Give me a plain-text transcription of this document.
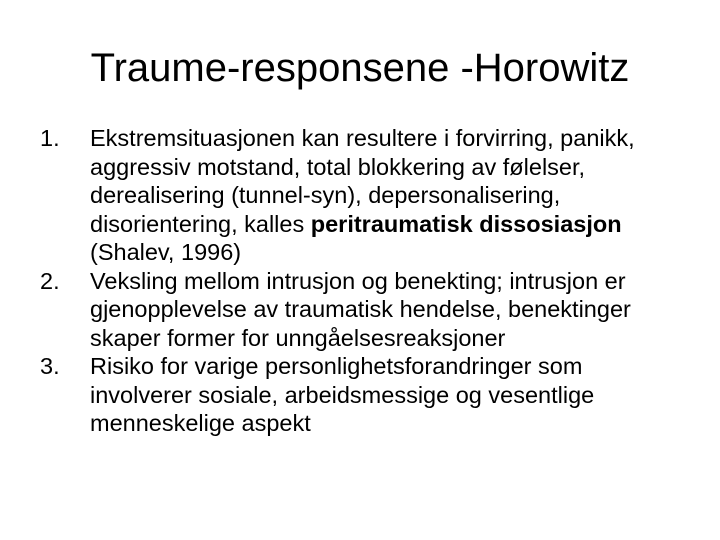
Traume-responsene -Horowitz
1. Ekstremsituasjonen kan resultere i forvirring, panikk, aggressiv motstand, total blokkering av følelser, derealisering (tunnel-syn), depersonalisering, disorientering, kalles peritraumatisk dissosiasjon (Shalev, 1996)
2. Veksling mellom intrusjon og benekting; intrusjon er gjenopplevelse av traumatisk hendelse, benektinger skaper former for unngåelsesreaksjoner
3. Risiko for varige personlighetsforandringer som involverer sosiale, arbeidsmessige og vesentlige menneskelige aspekt
